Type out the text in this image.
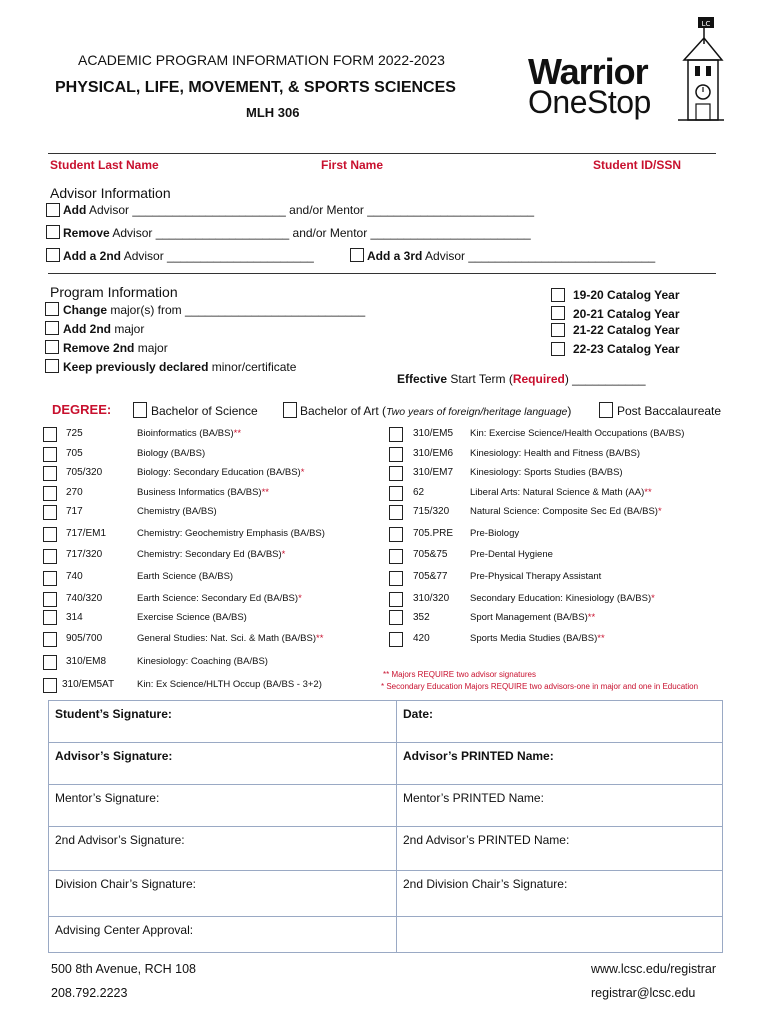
ACADEMIC PROGRAM INFORMATION FORM 2022-2023
PHYSICAL, LIFE, MOVEMENT, & SPORTS SCIENCES
MLH 306
Warrior
OneStop
LC
Student Last Name	First Name	Student ID/SSN
Advisor Information
Add Advisor _______________________ and/or Mentor _________________________
Remove Advisor ____________________ and/or Mentor ________________________
Add a 2nd Advisor ______________________	Add a 3rd Advisor ____________________________
Program Information
Change major(s) from ___________________________
Add 2nd major
Remove 2nd major
Keep previously declared minor/certificate
19-20 Catalog Year
20-21 Catalog Year
21-22 Catalog Year
22-23 Catalog Year
Effective Start Term (Required) ___________
DEGREE:	Bachelor of Science	Bachelor of Art (Two years of foreign/heritage language)	Post Baccalaureate
725	Bioinformatics (BA/BS)**
705	Biology (BA/BS)
705/320	Biology: Secondary Education (BA/BS)*
270	Business Informatics (BA/BS)**
717	Chemistry (BA/BS)
717/EM1	Chemistry: Geochemistry Emphasis (BA/BS)
717/320	Chemistry: Secondary Ed (BA/BS)*
740	Earth Science (BA/BS)
740/320	Earth Science: Secondary Ed (BA/BS)*
314	Exercise Science (BA/BS)
905/700	General Studies: Nat. Sci. & Math (BA/BS)**
310/EM8	Kinesiology: Coaching (BA/BS)
310/EM5AT Kin: Ex Science/HLTH Occup (BA/BS - 3+2)
310/EM5 Kin: Exercise Science/Health Occupations (BA/BS)
310/EM6 Kinesiology: Health and Fitness (BA/BS)
310/EM7 Kinesiology: Sports Studies (BA/BS)
62	Liberal Arts: Natural Science & Math (AA)**
715/320 Natural Science: Composite Sec Ed (BA/BS)*
705.PRE Pre-Biology
705&75 Pre-Dental Hygiene
705&77 Pre-Physical Therapy Assistant
310/320 Secondary Education: Kinesiology (BA/BS)*
352	Sport Management (BA/BS)**
420	Sports Media Studies (BA/BS)**
** Majors REQUIRE two advisor signatures
* Secondary Education Majors REQUIRE two advisors-one in major and one in Education
Student’s Signature:	Date:
Advisor’s Signature:	Advisor’s PRINTED Name:
Mentor’s Signature:	Mentor’s PRINTED Name:
2nd Advisor’s Signature:	2nd Advisor’s PRINTED Name:
Division Chair’s Signature:	2nd Division Chair’s Signature:
Advising Center Approval:	
500 8th Avenue, RCH 108
208.792.2223
www.lcsc.edu/registrar
registrar@lcsc.edu
